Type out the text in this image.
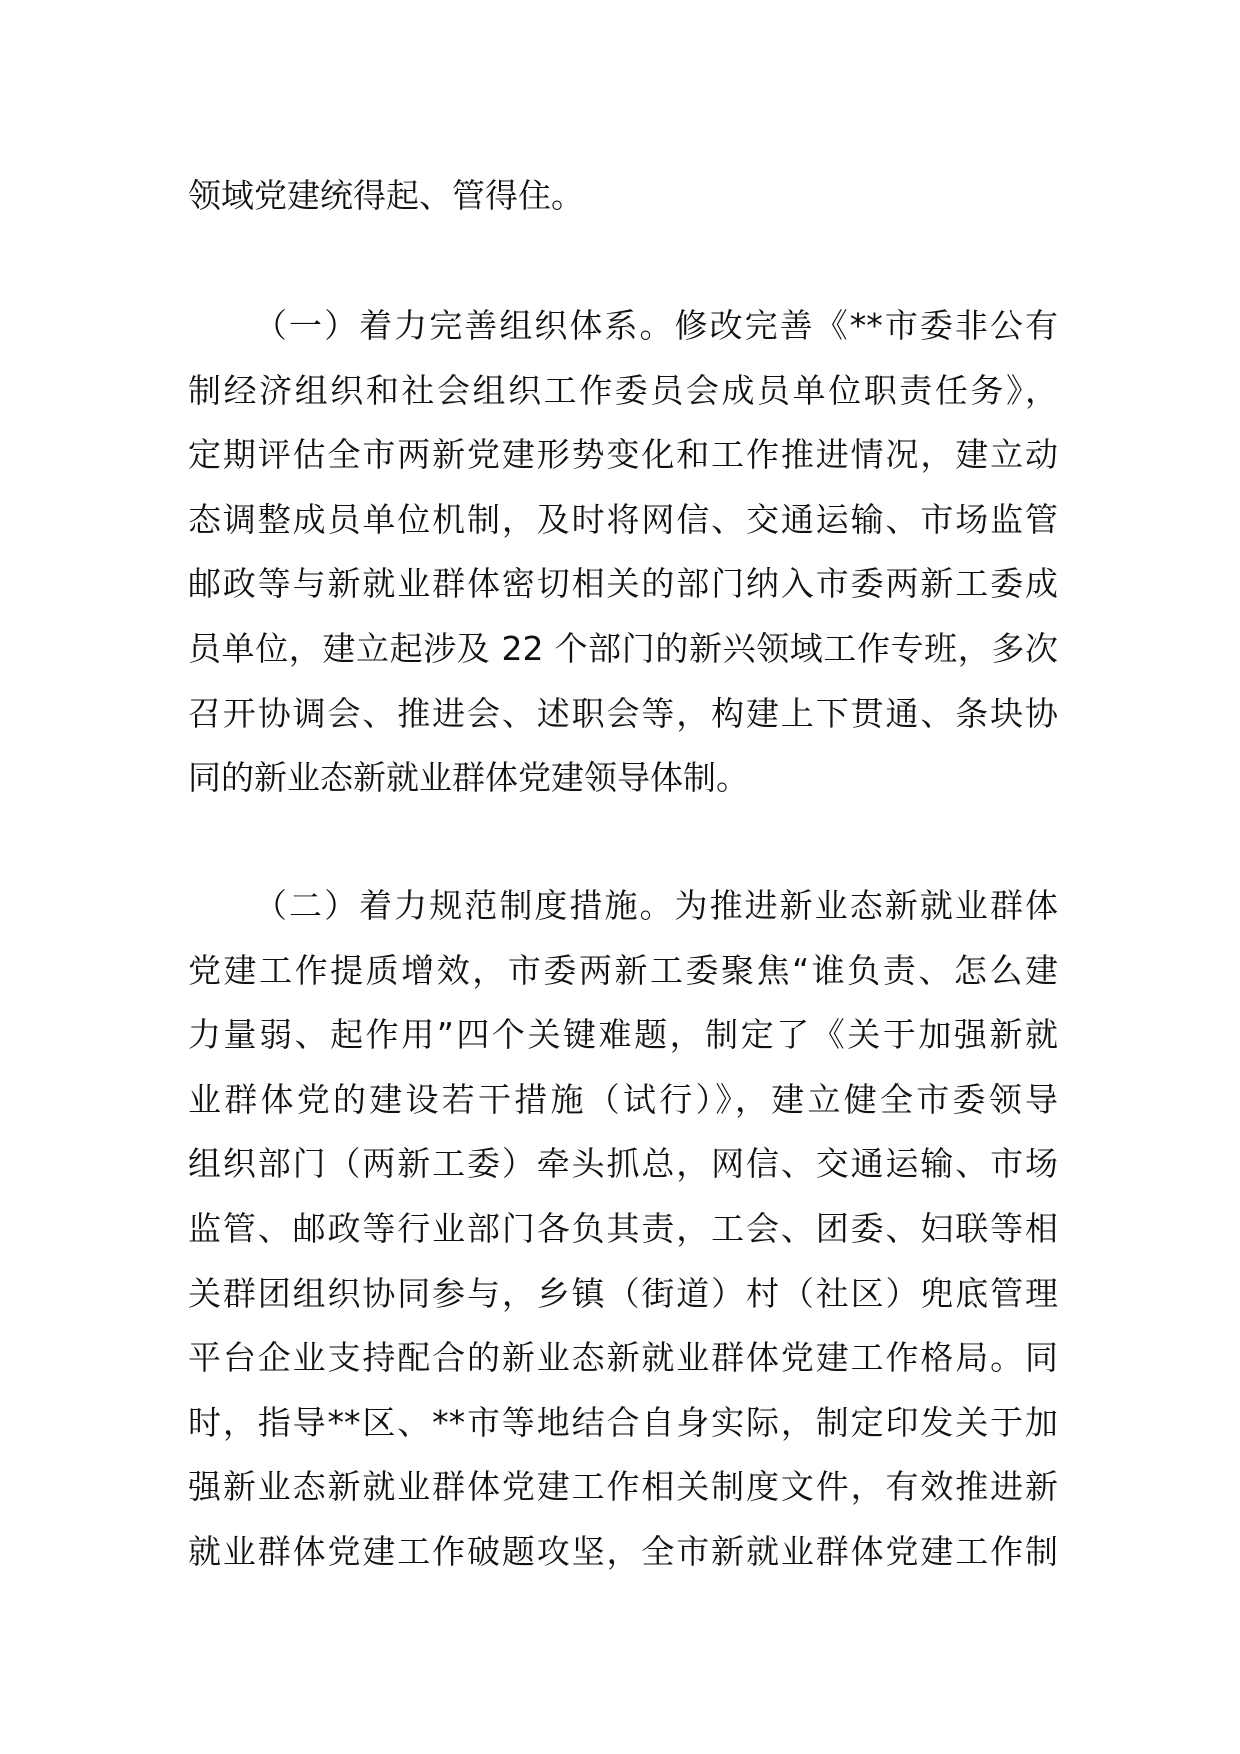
领域党建统得起、管得住。
（一）着力完善组织体系。修改完善《**市委非公有
制经济组织和社会组织工作委员会成员单位职责任务》，
定期评估全市两新党建形势变化和工作推进情况，建立动
态调整成员单位机制，及时将网信、交通运输、市场监管
邮政等与新就业群体密切相关的部门纳入市委两新工委成
员单位，建立起涉及 22 个部门的新兴领域工作专班，多次
召开协调会、推进会、述职会等，构建上下贯通、条块协
同的新业态新就业群体党建领导体制。
（二）着力规范制度措施。为推进新业态新就业群体
党建工作提质增效，市委两新工委聚焦“谁负责、怎么建
力量弱、起作用”四个关键难题，制定了《关于加强新就
业群体党的建设若干措施（试行）》，建立健全市委领导
组织部门（两新工委）牵头抓总，网信、交通运输、市场
监管、邮政等行业部门各负其责，工会、团委、妇联等相
关群团组织协同参与，乡镇（街道）村（社区）兜底管理
平台企业支持配合的新业态新就业群体党建工作格局。同
时，指导**区、**市等地结合自身实际，制定印发关于加
强新业态新就业群体党建工作相关制度文件，有效推进新
就业群体党建工作破题攻坚，全市新就业群体党建工作制
